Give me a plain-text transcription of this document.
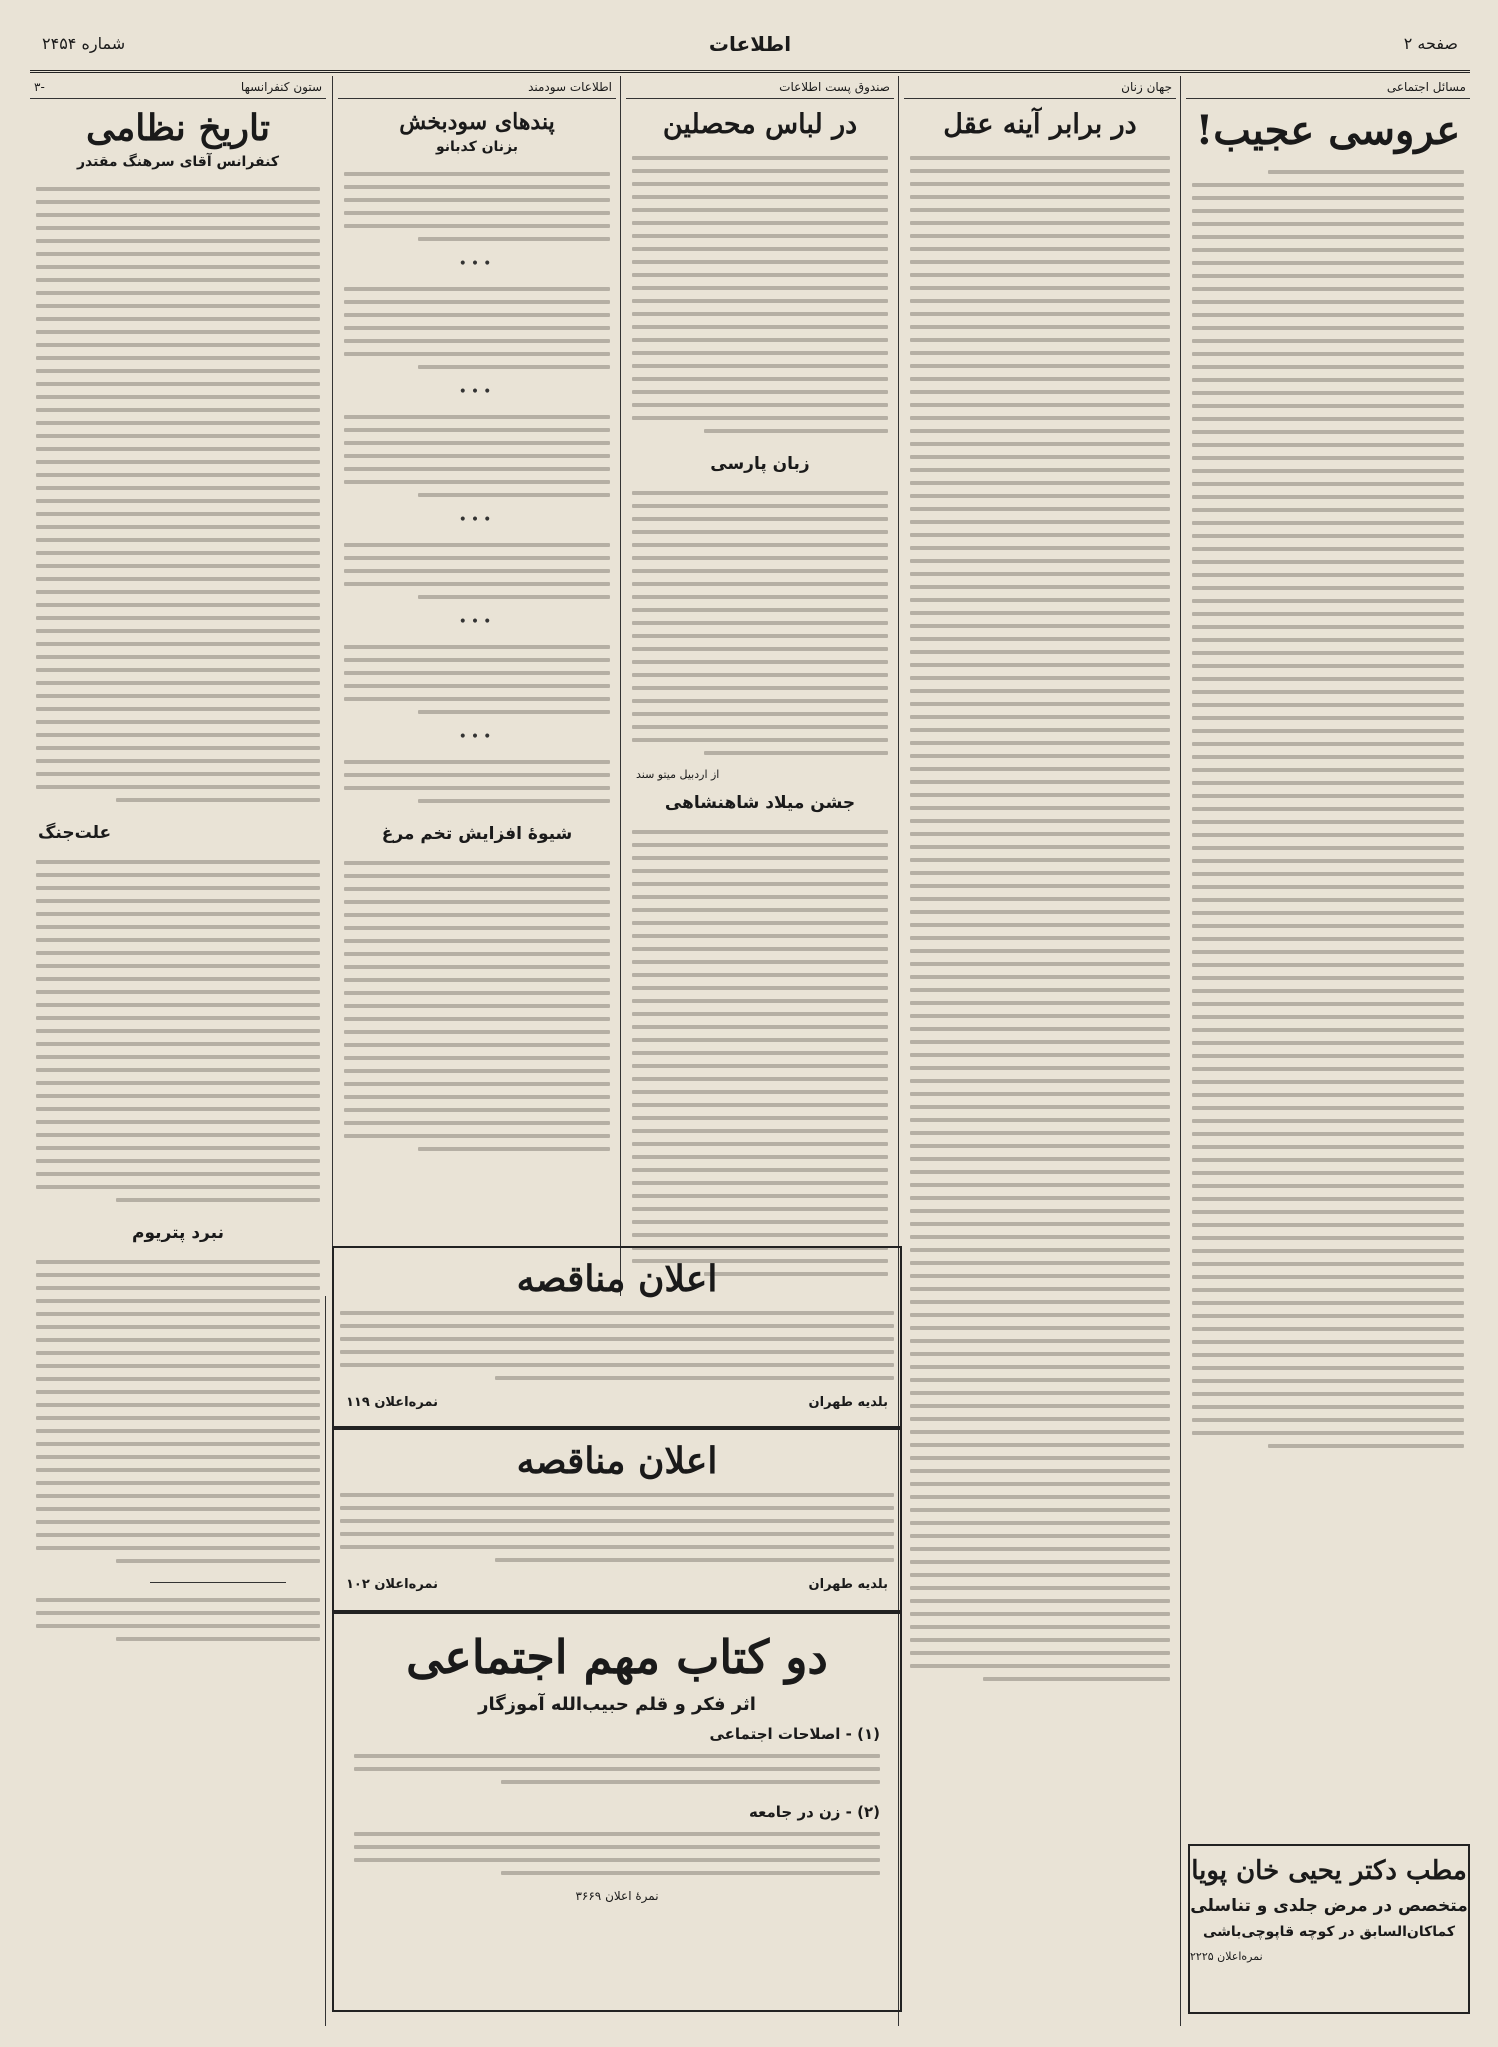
صفحه ۲
اطلاعات
شماره ۲۴۵۴
مسائل اجتماعی
عروسی عجیب!
مطب دکتر یحیی خان پویا
متخصص در مرض جلدی و تناسلی
کماکان‌السابق در کوچه قاپوچی‌باشی
نمره‌اعلان ۲۲۲۵
جهان زنان
در برابر آینه عقل
صندوق پست اطلاعات
در لباس محصلین
زبان پارسی
از اردبیل میتو سند
جشن میلاد شاهنشاهی
اطلاعات سودمند
پندهای سودبخش
بزنان کدبانو
•••
•••
•••
•••
•••
شیوهٔ افزایش تخم مرغ
ستون کنفرانسها
-۳
تاریخ نظامی
کنفرانس آقای سرهنگ مقتدر
علت‌جنگ
نبرد پتریوم
اعلان مناقصه
بلدیه طهران
نمره‌اعلان ۱۱۹
اعلان مناقصه
بلدیه طهران
نمره‌اعلان ۱۰۲
دو کتاب مهم اجتماعی
اثر فکر و قلم حبیب‌الله آموزگار
(۱) - اصلاحات اجتماعی
(۲) - زن در جامعه
نمرهٔ اعلان ۳۶۶۹
